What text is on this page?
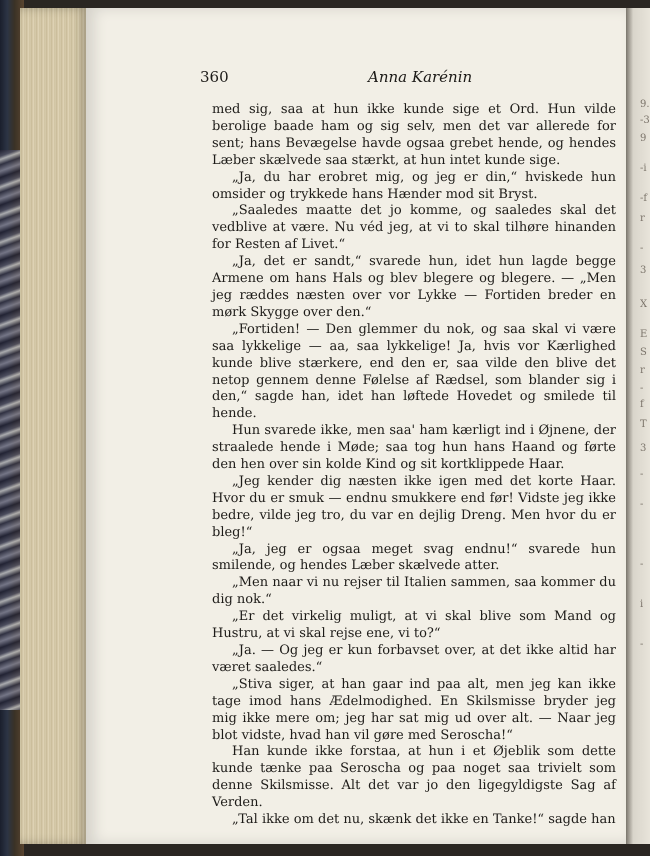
360	Anna Karénin

med sig, saa at hun ikke kunde sige et Ord. Hun vilde berolige baade ham og sig selv, men det var allerede for sent; hans Bevægelse havde ogsaa grebet hende, og hendes Læber skælvede saa stærkt, at hun intet kunde sige.

„Ja, du har erobret mig, og jeg er din,“ hviskede hun omsider og trykkede hans Hænder mod sit Bryst.

„Saaledes maatte det jo komme, og saaledes skal det vedblive at være. Nu véd jeg, at vi to skal tilhøre hinanden for Resten af Livet.“

„Ja, det er sandt,“ svarede hun, idet hun lagde begge Armene om hans Hals og blev blegere og blegere. — „Men jeg ræddes næsten over vor Lykke — Fortiden breder en mørk Skygge over den.“

„Fortiden! — Den glemmer du nok, og saa skal vi være saa lykkelige — aa, saa lykkelige! Ja, hvis vor Kærlighed kunde blive stærkere, end den er, saa vilde den blive det netop gennem denne Følelse af Rædsel, som blander sig i den,“ sagde han, idet han løftede Hovedet og smilede til hende.

Hun svarede ikke, men saa' ham kærligt ind i Øjnene, der straalede hende i Møde; saa tog hun hans Haand og førte den hen over sin kolde Kind og sit kortklippede Haar.

„Jeg kender dig næsten ikke igen med det korte Haar. Hvor du er smuk — endnu smukkere end før! Vidste jeg ikke bedre, vilde jeg tro, du var en dejlig Dreng. Men hvor du er bleg!“

„Ja, jeg er ogsaa meget svag endnu!“ svarede hun smilende, og hendes Læber skælvede atter.

„Men naar vi nu rejser til Italien sammen, saa kommer du dig nok.“

„Er det virkelig muligt, at vi skal blive som Mand og Hustru, at vi skal rejse ene, vi to?“

„Ja. — Og jeg er kun forbavset over, at det ikke altid har været saaledes.“

„Stiva siger, at han gaar ind paa alt, men jeg kan ikke tage imod hans Ædelmodighed. En Skilsmisse bryder jeg mig ikke mere om; jeg har sat mig ud over alt. — Naar jeg blot vidste, hvad han vil gøre med Seroscha!“

Han kunde ikke forstaa, at hun i et Øjeblik som dette kunde tænke paa Seroscha og paa noget saa trivielt som denne Skilsmisse. Alt det var jo den ligegyldigste Sag af Verden.

„Tal ikke om det nu, skænk det ikke en Tanke!“ sagde han

9.
-3
9
-i
-f
r
-
3
X
E
S
r
-
f
T
3
-
-
-
i
-
